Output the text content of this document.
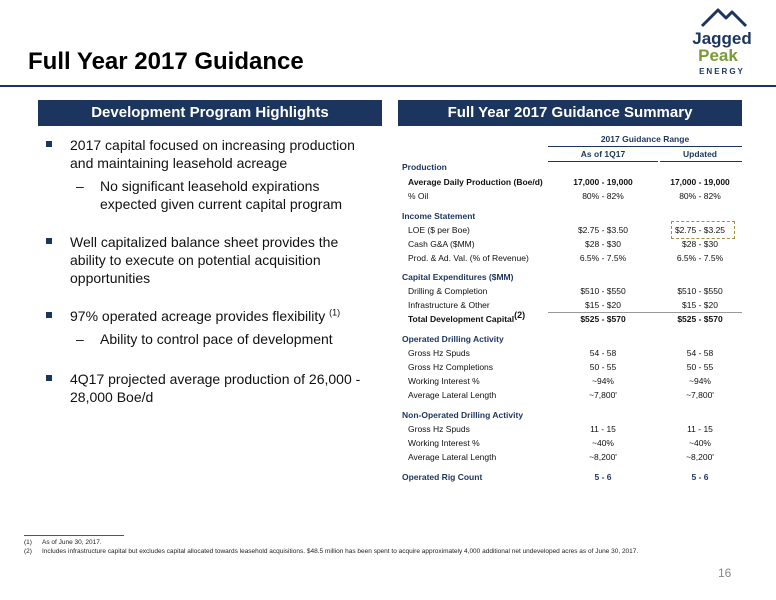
Full Year 2017 Guidance
Jagged
Peak
ENERGY
Development Program Highlights
2017 capital focused on increasing production and maintaining leasehold acreage
– No significant leasehold expirations expected given current capital program
Well capitalized balance sheet provides the ability to execute on potential acquisition opportunities
97% operated acreage provides flexibility $^{(1)}$
– Ability to control pace of development
4Q17 projected average production of 26,000 - 28,000 Boe/d
Full Year 2017 Guidance Summary
2017 Guidance Range
As of 1Q17	Updated
Production
Average Daily Production (Boe/d)	17,000 - 19,000	17,000 - 19,000
% Oil	80% - 82%	80% - 82%
Income Statement
LOE ($ per Boe)	$2.75 - $3.50	$2.75 - $3.25
Cash G&A ($MM)	$28 - $30	$28 - $30
Prod. & Ad. Val. (% of Revenue)	6.5% - 7.5%	6.5% - 7.5%
Capital Expenditures ($MM)
Drilling & Completion	$510 - $550	$510 - $550
Infrastructure & Other	$15 - $20	$15 - $20
Total Development Capital$^{(2)}$	$525 - $570	$525 - $570
Operated Drilling Activity
Gross Hz Spuds	54 - 58	54 - 58
Gross Hz Completions	50 - 55	50 - 55
Working Interest %	~94%	~94%
Average Lateral Length	~7,800'	~7,800'
Non-Operated Drilling Activity
Gross Hz Spuds	11 - 15	11 - 15
Working Interest %	~40%	~40%
Average Lateral Length	~8,200'	~8,200'
Operated Rig Count	5 - 6	5 - 6
(1) As of June 30, 2017.
(2) Includes infrastructure capital but excludes capital allocated towards leasehold acquisitions. $48.5 million has been spent to acquire approximately 4,000 additional net undeveloped acres as of June 30, 2017.
16
